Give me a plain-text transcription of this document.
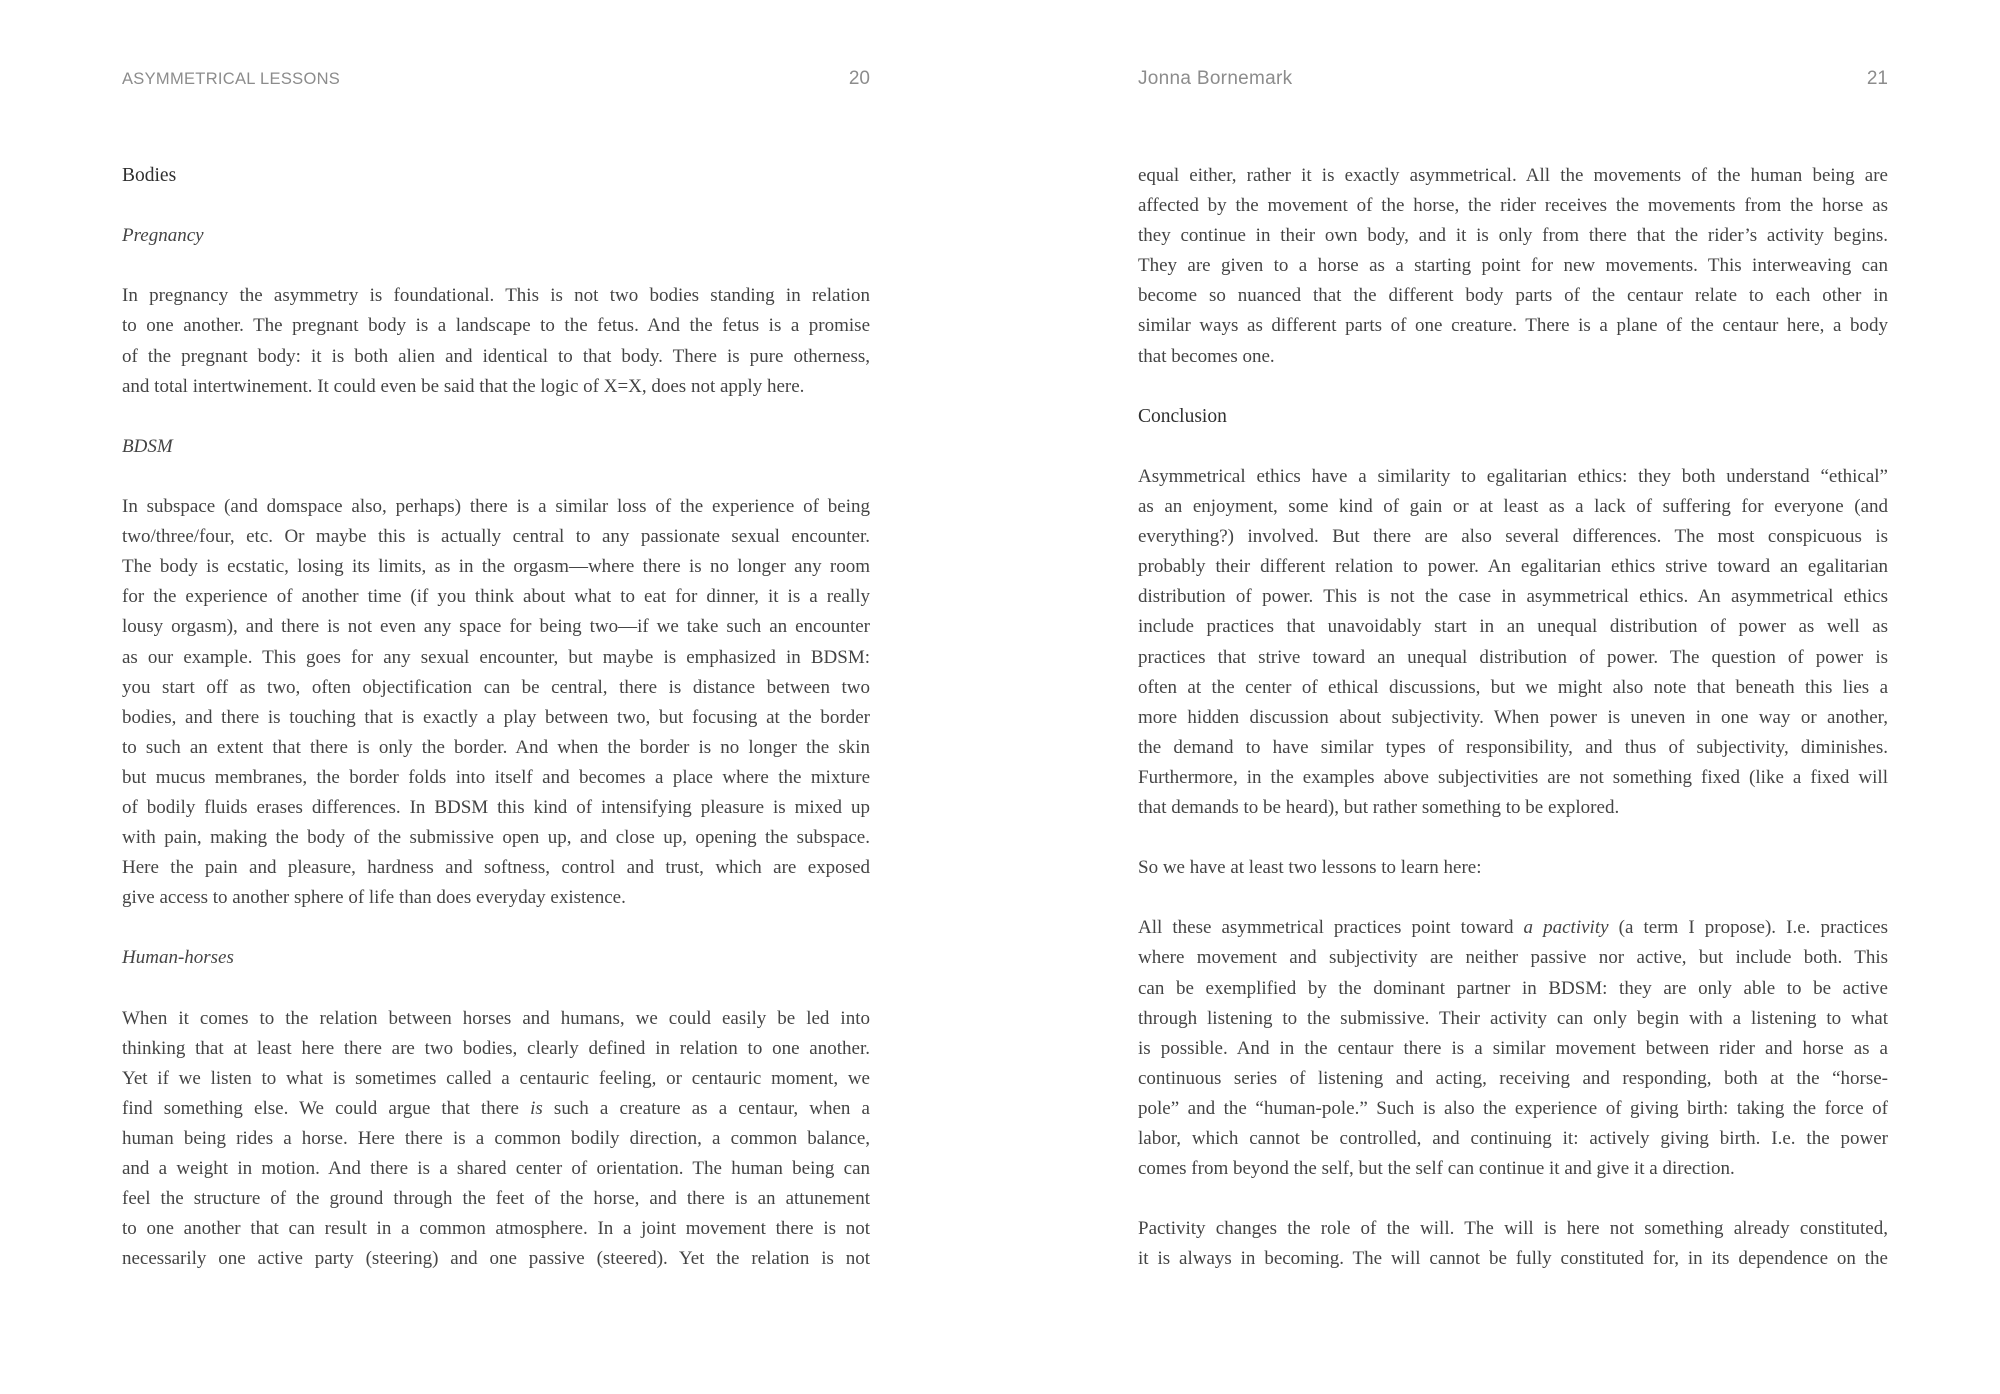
ASYMMETRICAL LESSONS	20
Bodies
Pregnancy
In pregnancy the asymmetry is foundational. This is not two bodies standing in relation
to one another. The pregnant body is a landscape to the fetus. And the fetus is a promise
of the pregnant body: it is both alien and identical to that body. There is pure otherness,
and total intertwinement. It could even be said that the logic of X=X, does not apply here.
BDSM
In subspace (and domspace also, perhaps) there is a similar loss of the experience of being
two/three/four, etc. Or maybe this is actually central to any passionate sexual encounter.
The body is ecstatic, losing its limits, as in the orgasm—where there is no longer any room
for the experience of another time (if you think about what to eat for dinner, it is a really
lousy orgasm), and there is not even any space for being two—if we take such an encounter
as our example. This goes for any sexual encounter, but maybe is emphasized in BDSM:
you start off as two, often objectification can be central, there is distance between two
bodies, and there is touching that is exactly a play between two, but focusing at the border
to such an extent that there is only the border. And when the border is no longer the skin
but mucus membranes, the border folds into itself and becomes a place where the mixture
of bodily fluids erases differences. In BDSM this kind of intensifying pleasure is mixed up
with pain, making the body of the submissive open up, and close up, opening the subspace.
Here the pain and pleasure, hardness and softness, control and trust, which are exposed
give access to another sphere of life than does everyday existence.
Human-horses
When it comes to the relation between horses and humans, we could easily be led into
thinking that at least here there are two bodies, clearly defined in relation to one another.
Yet if we listen to what is sometimes called a centauric feeling, or centauric moment, we
find something else. We could argue that there is such a creature as a centaur, when a
human being rides a horse. Here there is a common bodily direction, a common balance,
and a weight in motion. And there is a shared center of orientation. The human being can
feel the structure of the ground through the feet of the horse, and there is an attunement
to one another that can result in a common atmosphere. In a joint movement there is not
necessarily one active party (steering) and one passive (steered). Yet the relation is not
Jonna Bornemark	21
equal either, rather it is exactly asymmetrical. All the movements of the human being are
affected by the movement of the horse, the rider receives the movements from the horse as
they continue in their own body, and it is only from there that the rider’s activity begins.
They are given to a horse as a starting point for new movements. This interweaving can
become so nuanced that the different body parts of the centaur relate to each other in
similar ways as different parts of one creature. There is a plane of the centaur here, a body
that becomes one.
Conclusion
Asymmetrical ethics have a similarity to egalitarian ethics: they both understand “ethical”
as an enjoyment, some kind of gain or at least as a lack of suffering for everyone (and
everything?) involved. But there are also several differences. The most conspicuous is
probably their different relation to power. An egalitarian ethics strive toward an egalitarian
distribution of power. This is not the case in asymmetrical ethics. An asymmetrical ethics
include practices that unavoidably start in an unequal distribution of power as well as
practices that strive toward an unequal distribution of power. The question of power is
often at the center of ethical discussions, but we might also note that beneath this lies a
more hidden discussion about subjectivity. When power is uneven in one way or another,
the demand to have similar types of responsibility, and thus of subjectivity, diminishes.
Furthermore, in the examples above subjectivities are not something fixed (like a fixed will
that demands to be heard), but rather something to be explored.
So we have at least two lessons to learn here:
All these asymmetrical practices point toward a pactivity (a term I propose). I.e. practices
where movement and subjectivity are neither passive nor active, but include both. This
can be exemplified by the dominant partner in BDSM: they are only able to be active
through listening to the submissive. Their activity can only begin with a listening to what
is possible. And in the centaur there is a similar movement between rider and horse as a
continuous series of listening and acting, receiving and responding, both at the “horse-
pole” and the “human-pole.” Such is also the experience of giving birth: taking the force of
labor, which cannot be controlled, and continuing it: actively giving birth. I.e. the power
comes from beyond the self, but the self can continue it and give it a direction.
Pactivity changes the role of the will. The will is here not something already constituted,
it is always in becoming. The will cannot be fully constituted for, in its dependence on the
